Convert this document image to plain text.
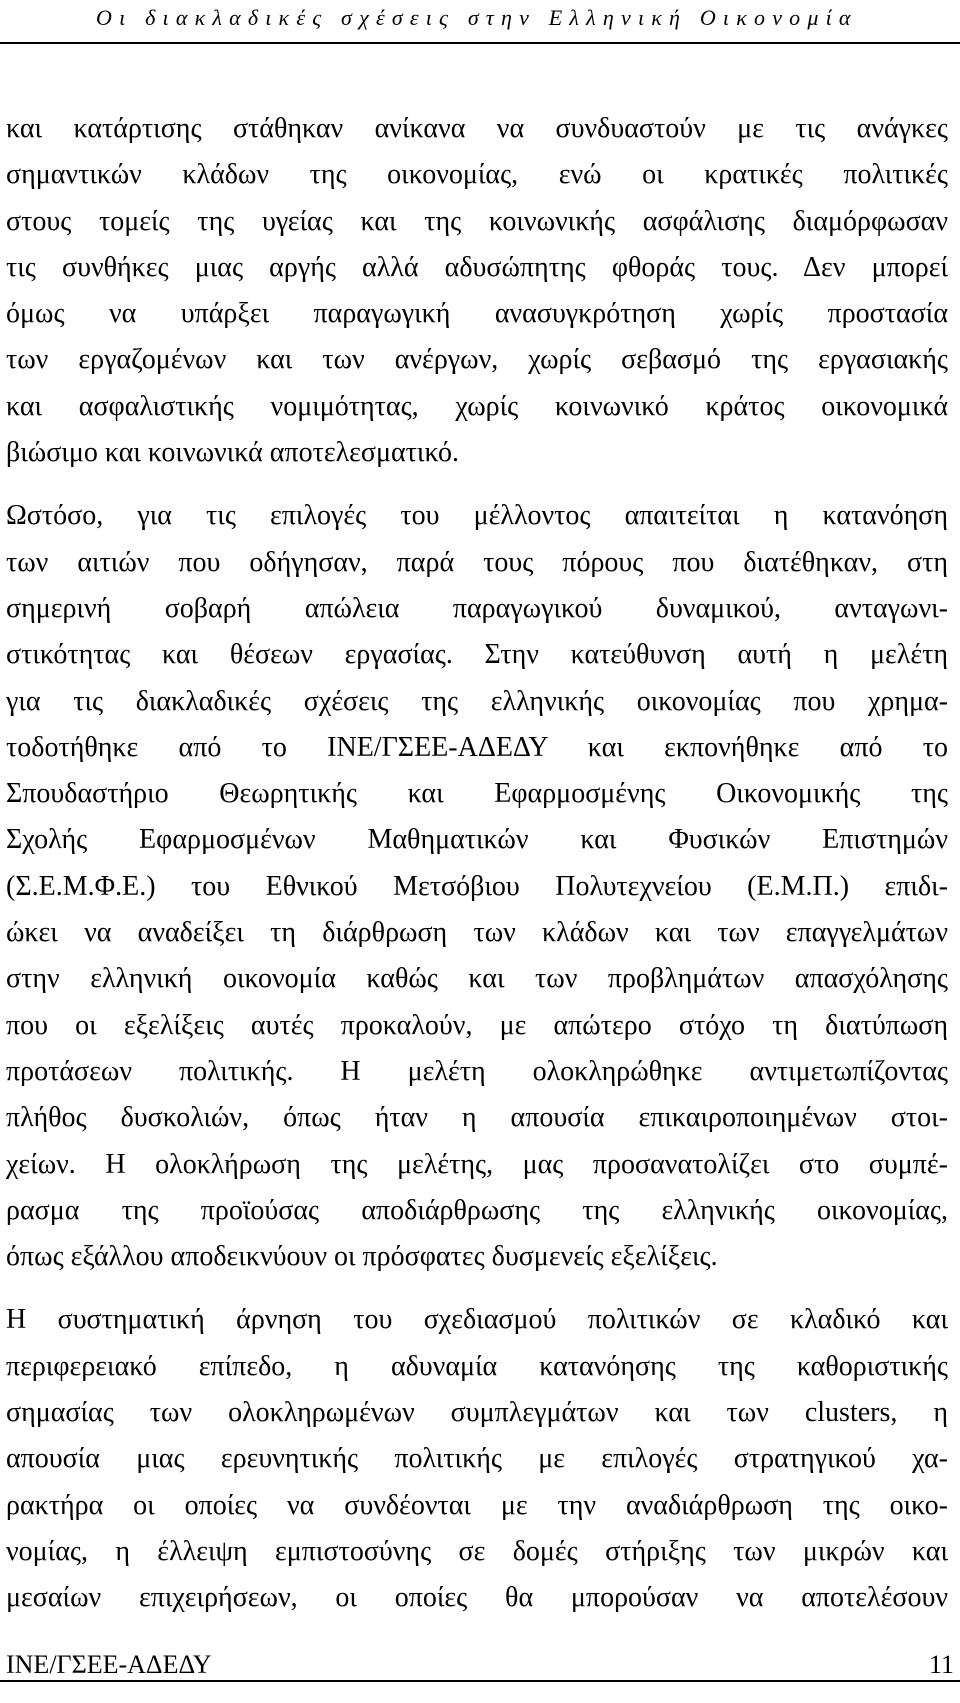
Οι διακλαδικές σχέσεις στην Ελληνική Οικονομία
και κατάρτισης στάθηκαν ανίκανα να συνδυαστούν με τις ανάγκες
σημαντικών κλάδων της οικονομίας, ενώ οι κρατικές πολιτικές
στους τομείς της υγείας και της κοινωνικής ασφάλισης διαμόρφωσαν
τις συνθήκες μιας αργής αλλά αδυσώπητης φθοράς τους. Δεν μπορεί
όμως να υπάρξει παραγωγική ανασυγκρότηση χωρίς προστασία
των εργαζομένων και των ανέργων, χωρίς σεβασμό της εργασιακής
και ασφαλιστικής νομιμότητας, χωρίς κοινωνικό κράτος οικονομικά
βιώσιμο και κοινωνικά αποτελεσματικό.
Ωστόσο, για τις επιλογές του μέλλοντος απαιτείται η κατανόηση
των αιτιών που οδήγησαν, παρά τους πόρους που διατέθηκαν, στη
σημερινή σοβαρή απώλεια παραγωγικού δυναμικού, ανταγωνι-
στικότητας και θέσεων εργασίας. Στην κατεύθυνση αυτή η μελέτη
για τις διακλαδικές σχέσεις της ελληνικής οικονομίας που χρημα-
τοδοτήθηκε από το ΙΝΕ/ΓΣΕΕ-ΑΔΕΔΥ και εκπονήθηκε από το
Σπουδαστήριο Θεωρητικής και Εφαρμοσμένης Οικονομικής της
Σχολής Εφαρμοσμένων Μαθηματικών και Φυσικών Επιστημών
(Σ.Ε.Μ.Φ.Ε.) του Εθνικού Μετσόβιου Πολυτεχνείου (Ε.Μ.Π.) επιδι-
ώκει να αναδείξει τη διάρθρωση των κλάδων και των επαγγελμάτων
στην ελληνική οικονομία καθώς και των προβλημάτων απασχόλησης
που οι εξελίξεις αυτές προκαλούν, με απώτερο στόχο τη διατύπωση
προτάσεων πολιτικής. Η μελέτη ολοκληρώθηκε αντιμετωπίζοντας
πλήθος δυσκολιών, όπως ήταν η απουσία επικαιροποιημένων στοι-
χείων. Η ολοκλήρωση της μελέτης, μας προσανατολίζει στο συμπέ-
ρασμα της προϊούσας αποδιάρθρωσης της ελληνικής οικονομίας,
όπως εξάλλου αποδεικνύουν οι πρόσφατες δυσμενείς εξελίξεις.
Η συστηματική άρνηση του σχεδιασμού πολιτικών σε κλαδικό και
περιφερειακό επίπεδο, η αδυναμία κατανόησης της καθοριστικής
σημασίας των ολοκληρωμένων συμπλεγμάτων και των clusters, η
απουσία μιας ερευνητικής πολιτικής με επιλογές στρατηγικού χα-
ρακτήρα οι οποίες να συνδέονται με την αναδιάρθρωση της οικο-
νομίας, η έλλειψη εμπιστοσύνης σε δομές στήριξης των μικρών και
μεσαίων επιχειρήσεων, οι οποίες θα μπορούσαν να αποτελέσουν
ΙΝΕ/ΓΣΕΕ-ΑΔΕΔΥ	11
